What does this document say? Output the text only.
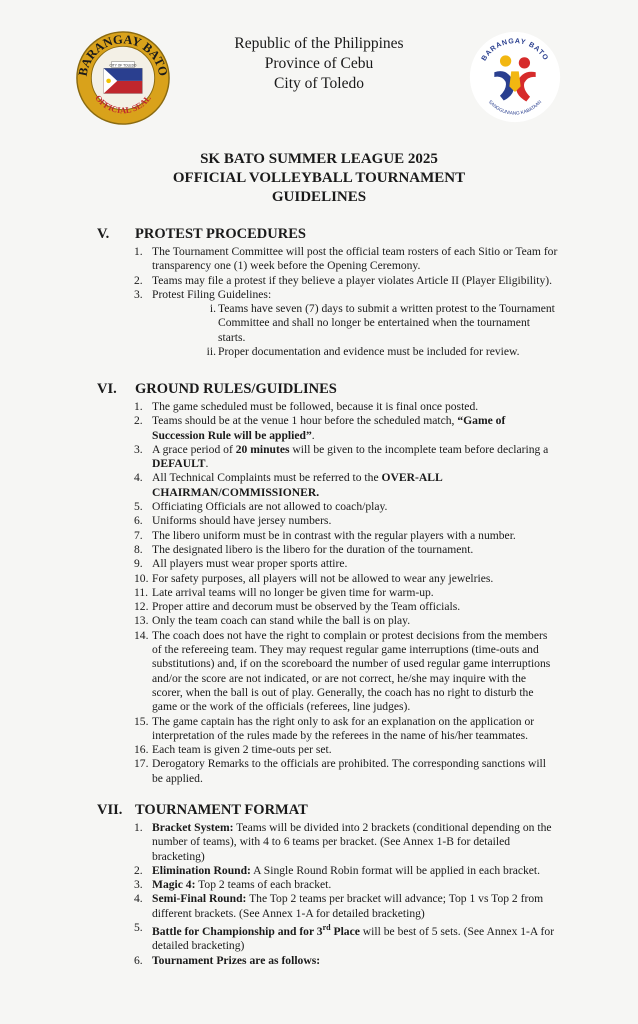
BARANGAY BATO
OFFICIAL SEAL
CITY OF TOLEDO
Republic of the Philippines
Province of Cebu
City of Toledo
BARANGAY BATO
SANGGUNIANG KABATAAN
SK BATO SUMMER LEAGUE 2025
OFFICIAL VOLLEYBALL TOURNAMENT
GUIDELINES
V. PROTEST PROCEDURES
1. The Tournament Committee will post the official team rosters of each Sitio or Team for transparency one (1) week before the Opening Ceremony.
2. Teams may file a protest if they believe a player violates Article II (Player Eligibility).
3. Protest Filing Guidelines:
i. Teams have seven (7) days to submit a written protest to the Tournament Committee and shall no longer be entertained when the tournament starts.
ii. Proper documentation and evidence must be included for review.
VI. GROUND RULES/GUIDLINES
1. The game scheduled must be followed, because it is final once posted.
2. Teams should be at the venue 1 hour before the scheduled match, “Game of Succession Rule will be applied”.
3. A grace period of 20 minutes will be given to the incomplete team before declaring a DEFAULT.
4. All Technical Complaints must be referred to the OVER-ALL CHAIRMAN/COMMISSIONER.
5. Officiating Officials are not allowed to coach/play.
6. Uniforms should have jersey numbers.
7. The libero uniform must be in contrast with the regular players with a number.
8. The designated libero is the libero for the duration of the tournament.
9. All players must wear proper sports attire.
10. For safety purposes, all players will not be allowed to wear any jewelries.
11. Late arrival teams will no longer be given time for warm-up.
12. Proper attire and decorum must be observed by the Team officials.
13. Only the team coach can stand while the ball is on play.
14. The coach does not have the right to complain or protest decisions from the members of the refereeing team. They may request regular game interruptions (time-outs and substitutions) and, if on the scoreboard the number of used regular game interruptions and/or the score are not indicated, or are not correct, he/she may inquire with the scorer, when the ball is out of play. Generally, the coach has no right to disturb the game or the work of the officials (referees, line judges).
15. The game captain has the right only to ask for an explanation on the application or interpretation of the rules made by the referees in the name of his/her teammates.
16. Each team is given 2 time-outs per set.
17. Derogatory Remarks to the officials are prohibited. The corresponding sanctions will be applied.
VII. TOURNAMENT FORMAT
1. Bracket System: Teams will be divided into 2 brackets (conditional depending on the number of teams), with 4 to 6 teams per bracket. (See Annex 1-B for detailed bracketing)
2. Elimination Round: A Single Round Robin format will be applied in each bracket.
3. Magic 4: Top 2 teams of each bracket.
4. Semi-Final Round: The Top 2 teams per bracket will advance; Top 1 vs Top 2 from different brackets. (See Annex 1-A for detailed bracketing)
5. Battle for Championship and for 3rd Place will be best of 5 sets. (See Annex 1-A for detailed bracketing)
6. Tournament Prizes are as follows:
